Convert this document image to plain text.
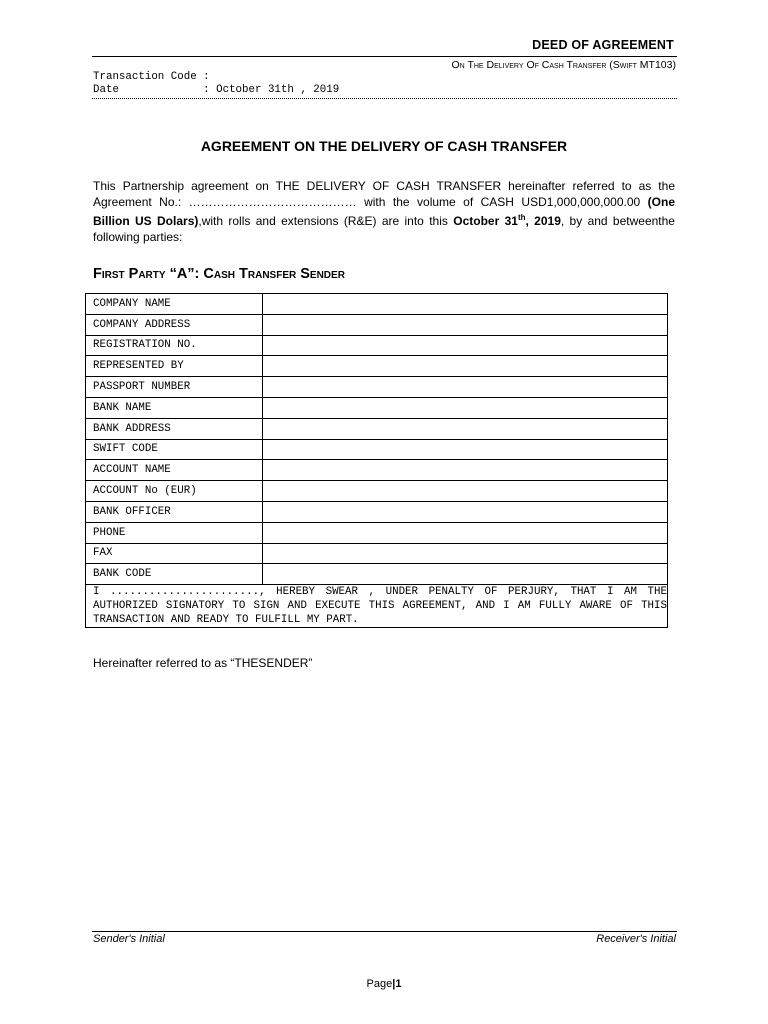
DEED OF AGREEMENT
On The Delivery Of Cash Transfer (Swift MT103)
Transaction Code :
Date             : October 31th , 2019
AGREEMENT ON THE DELIVERY OF CASH TRANSFER
This Partnership agreement on THE DELIVERY OF CASH TRANSFER hereinafter referred to as the Agreement No.: …………………………………… with the volume of CASH USD1,000,000,000.00 (One Billion US Dolars),with rolls and extensions (R&E) are into this October 31th, 2019, by and betweenthe following parties:
First Party “A”: Cash Transfer Sender
COMPANY NAME	
COMPANY ADDRESS	
REGISTRATION NO.	
REPRESENTED BY	
PASSPORT NUMBER	
BANK NAME	
BANK ADDRESS	
SWIFT CODE	
ACCOUNT NAME	
ACCOUNT No (EUR)	
BANK OFFICER	
PHONE	
FAX	
BANK CODE	
I ......................., HEREBY SWEAR , UNDER PENALTY OF PERJURY, THAT I AM THE AUTHORIZED SIGNATORY TO SIGN AND EXECUTE THIS AGREEMENT, AND I AM FULLY AWARE OF THIS TRANSACTION AND READY TO FULFILL MY PART.	
Hereinafter referred to as “THESENDER”
Sender's Initial	Receiver's Initial
Page|1
